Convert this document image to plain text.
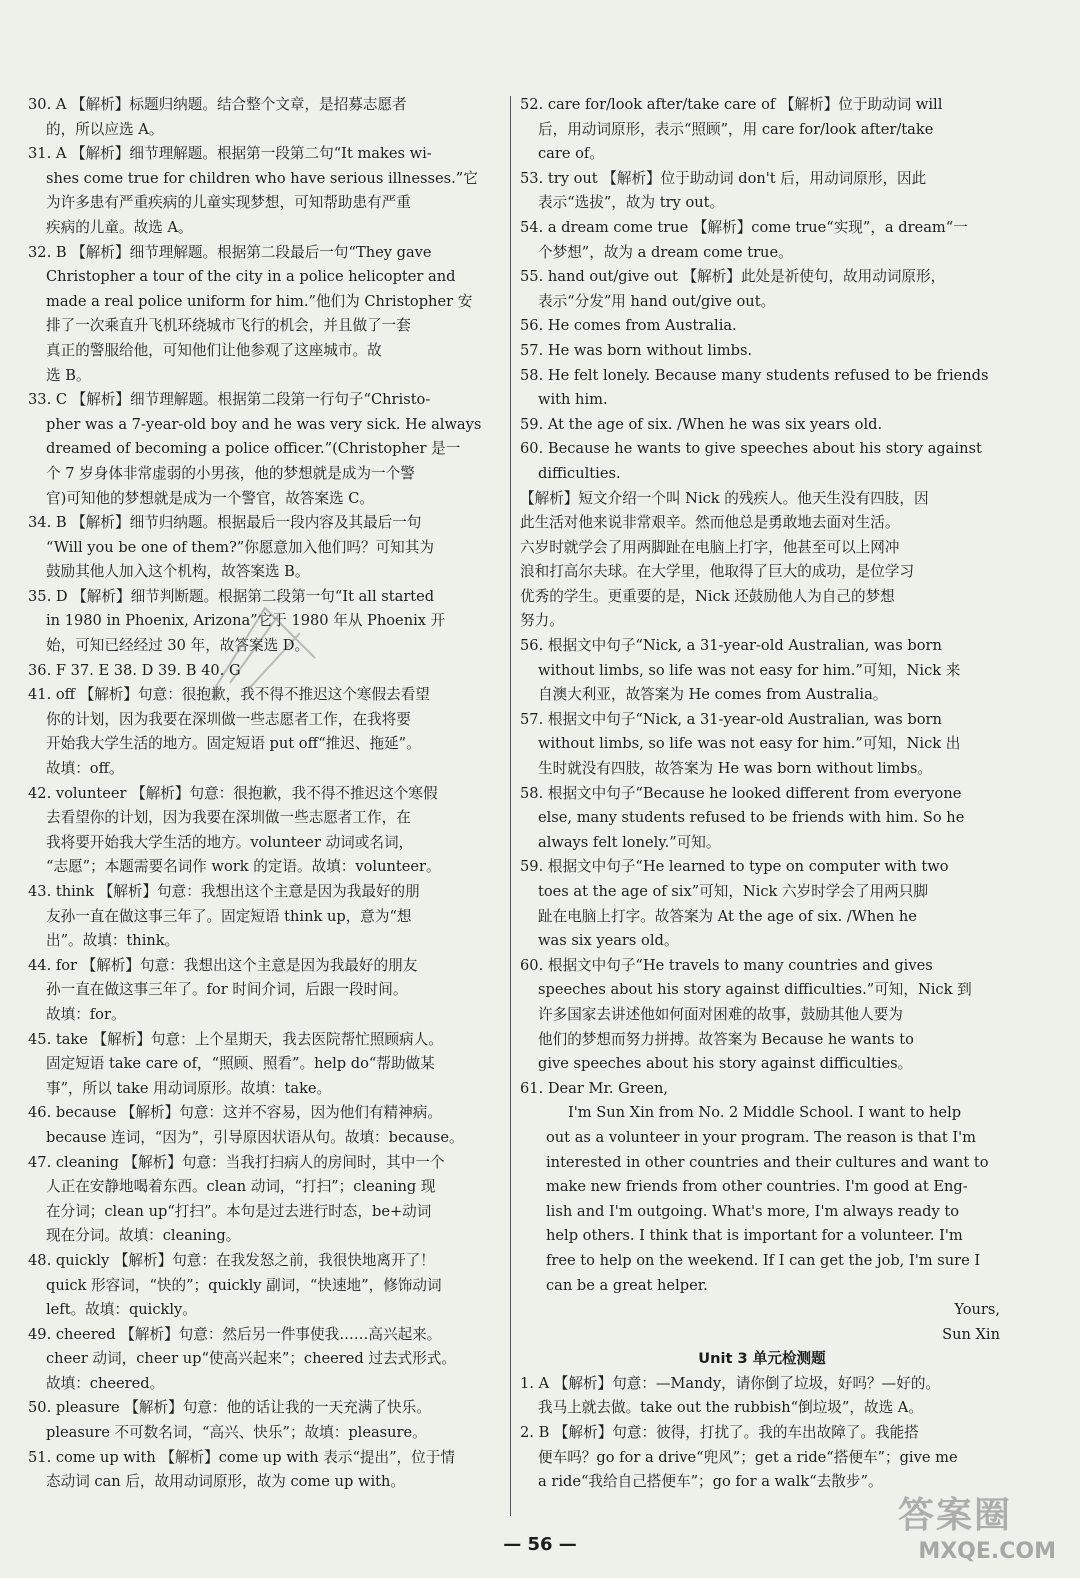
30. A 【解析】标题归纳题。结合整个文章，是招募志愿者
的，所以应选 A。
31. A 【解析】细节理解题。根据第一段第二句“It makes wi-
shes come true for children who have serious illnesses.”它
为许多患有严重疾病的儿童实现梦想，可知帮助患有严重
疾病的儿童。故选 A。
32. B 【解析】细节理解题。根据第二段最后一句“They gave
Christopher a tour of the city in a police helicopter and
made a real police uniform for him.”他们为 Christopher 安
排了一次乘直升飞机环绕城市飞行的机会，并且做了一套
真正的警服给他，可知他们让他参观了这座城市。故
选 B。
33. C 【解析】细节理解题。根据第二段第一行句子“Christo-
pher was a 7-year-old boy and he was very sick. He always
dreamed of becoming a police officer.”(Christopher 是一
个 7 岁身体非常虚弱的小男孩，他的梦想就是成为一个警
官)可知他的梦想就是成为一个警官，故答案选 C。
34. B 【解析】细节归纳题。根据最后一段内容及其最后一句
“Will you be one of them?”你愿意加入他们吗？可知其为
鼓励其他人加入这个机构，故答案选 B。
35. D 【解析】细节判断题。根据第二段第一句“It all started
in 1980 in Phoenix, Arizona”它于 1980 年从 Phoenix 开
始，可知已经经过 30 年，故答案选 D。
36. F 37. E 38. D 39. B 40. G
41. off 【解析】句意：很抱歉，我不得不推迟这个寒假去看望
你的计划，因为我要在深圳做一些志愿者工作，在我将要
开始我大学生活的地方。固定短语 put off“推迟、拖延”。
故填：off。
42. volunteer 【解析】句意：很抱歉，我不得不推迟这个寒假
去看望你的计划，因为我要在深圳做一些志愿者工作，在
我将要开始我大学生活的地方。volunteer 动词或名词，
“志愿”；本题需要名词作 work 的定语。故填：volunteer。
43. think 【解析】句意：我想出这个主意是因为我最好的朋
友孙一直在做这事三年了。固定短语 think up，意为“想
出”。故填：think。
44. for 【解析】句意：我想出这个主意是因为我最好的朋友
孙一直在做这事三年了。for 时间介词，后跟一段时间。
故填：for。
45. take 【解析】句意：上个星期天，我去医院帮忙照顾病人。
固定短语 take care of，“照顾、照看”。help do“帮助做某
事”，所以 take 用动词原形。故填：take。
46. because 【解析】句意：这并不容易，因为他们有精神病。
because 连词，“因为”，引导原因状语从句。故填：because。
47. cleaning 【解析】句意：当我打扫病人的房间时，其中一个
人正在安静地喝着东西。clean 动词，“打扫”；cleaning 现
在分词；clean up“打扫”。本句是过去进行时态，be+动词
现在分词。故填：cleaning。
48. quickly 【解析】句意：在我发怒之前，我很快地离开了！
quick 形容词，“快的”；quickly 副词，“快速地”，修饰动词
left。故填：quickly。
49. cheered 【解析】句意：然后另一件事使我……高兴起来。
cheer 动词，cheer up“使高兴起来”；cheered 过去式形式。
故填：cheered。
50. pleasure 【解析】句意：他的话让我的一天充满了快乐。
pleasure 不可数名词，“高兴、快乐”；故填：pleasure。
51. come up with 【解析】come up with 表示“提出”，位于情
态动词 can 后，故用动词原形，故为 come up with。
52. care for/look after/take care of 【解析】位于助动词 will
后，用动词原形，表示“照顾”，用 care for/look after/take
care of。
53. try out 【解析】位于助动词 don't 后，用动词原形，因此
表示“选拔”，故为 try out。
54. a dream come true 【解析】come true“实现”，a dream“一
个梦想”，故为 a dream come true。
55. hand out/give out 【解析】此处是祈使句，故用动词原形，
表示“分发”用 hand out/give out。
56. He comes from Australia.
57. He was born without limbs.
58. He felt lonely. Because many students refused to be friends
with him.
59. At the age of six. /When he was six years old.
60. Because he wants to give speeches about his story against
difficulties.
【解析】短文介绍一个叫 Nick 的残疾人。他天生没有四肢，因
此生活对他来说非常艰辛。然而他总是勇敢地去面对生活。
六岁时就学会了用两脚趾在电脑上打字，他甚至可以上网冲
浪和打高尔夫球。在大学里，他取得了巨大的成功，是位学习
优秀的学生。更重要的是，Nick 还鼓励他人为自己的梦想
努力。
56. 根据文中句子“Nick, a 31-year-old Australian, was born
without limbs, so life was not easy for him.”可知，Nick 来
自澳大利亚，故答案为 He comes from Australia。
57. 根据文中句子“Nick, a 31-year-old Australian, was born
without limbs, so life was not easy for him.”可知，Nick 出
生时就没有四肢，故答案为 He was born without limbs。
58. 根据文中句子“Because he looked different from everyone
else, many students refused to be friends with him. So he
always felt lonely.”可知。
59. 根据文中句子“He learned to type on computer with two
toes at the age of six”可知，Nick 六岁时学会了用两只脚
趾在电脑上打字。故答案为 At the age of six. /When he
was six years old。
60. 根据文中句子“He travels to many countries and gives
speeches about his story against difficulties.”可知，Nick 到
许多国家去讲述他如何面对困难的故事，鼓励其他人要为
他们的梦想而努力拼搏。故答案为 Because he wants to
give speeches about his story against difficulties。
61. Dear Mr. Green,
I'm Sun Xin from No. 2 Middle School. I want to help
out as a volunteer in your program. The reason is that I'm
interested in other countries and their cultures and want to
make new friends from other countries. I'm good at Eng-
lish and I'm outgoing. What's more, I'm always ready to
help others. I think that is important for a volunteer. I'm
free to help on the weekend. If I can get the job, I'm sure I
can be a great helper.
Yours,
Sun Xin
Unit 3 单元检测题
1. A 【解析】句意：—Mandy，请你倒了垃圾，好吗？—好的。
我马上就去做。take out the rubbish“倒垃圾”，故选 A。
2. B 【解析】句意：彼得，打扰了。我的车出故障了。我能搭
便车吗？go for a drive“兜风”；get a ride“搭便车”；give me
a ride“我给自己搭便车”；go for a walk“去散步”。
— 56 —
答案圈
MXQE.COM
